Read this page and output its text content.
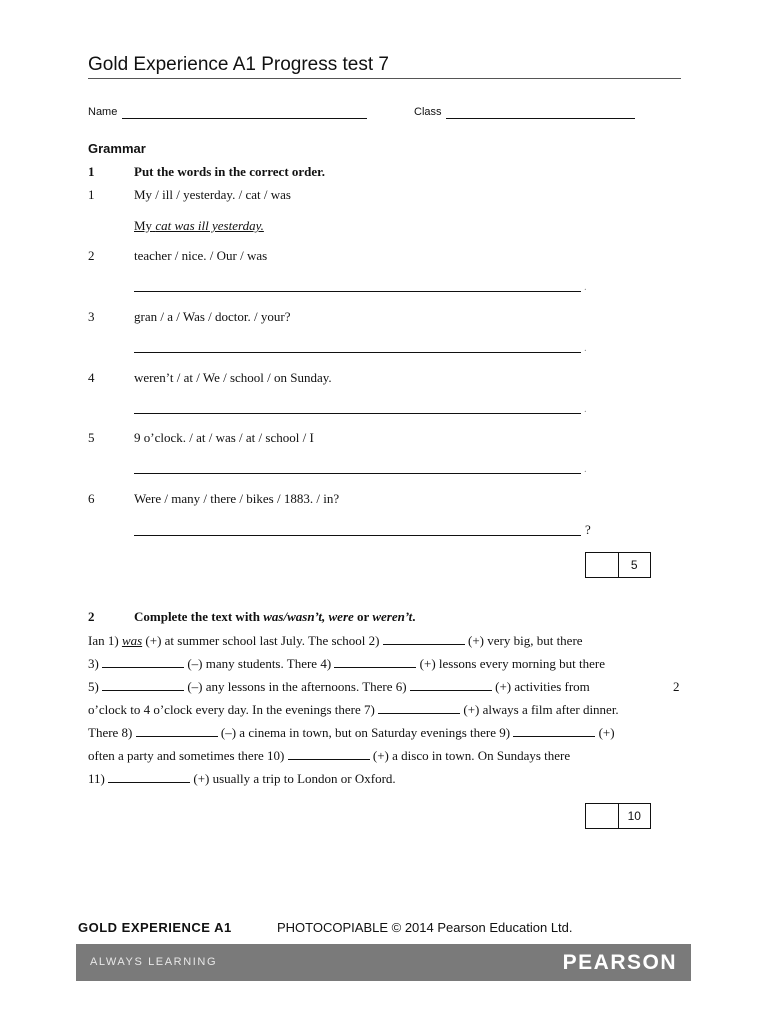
Gold Experience A1 Progress test 7
Name	Class
Grammar
1	Put the words in the correct order.
1	My / ill / yesterday. / cat / was
My cat was ill yesterday.
2	teacher / nice. / Our / was
.
3	gran / a / Was / doctor. / your?
.
4	weren’t / at / We / school / on Sunday.
.
5	9 o’clock. / at / was / at / school / I
.
6	Were / many / there / bikes / 1883. / in?
?
5
2	Complete the text with was/wasn’t, were or weren’t.
Ian 1) was (+) at summer school last July. The school 2)	(+) very big, but there
3)	(–) many students. There 4)	(+) lessons every morning but there
5)	(–) any lessons in the afternoons. There 6)	(+) activities from	2
o’clock to 4 o’clock every day. In the evenings there 7)	(+) always a film after dinner.
There 8)	(–) a cinema in town, but on Saturday evenings there 9)	(+)
often a party and sometimes there 10)	(+) a disco in town. On Sundays there
11)	(+) usually a trip to London or Oxford.
10
GOLD EXPERIENCE A1	PHOTOCOPIABLE © 2014 Pearson Education Ltd.
ALWAYS LEARNING	PEARSON
